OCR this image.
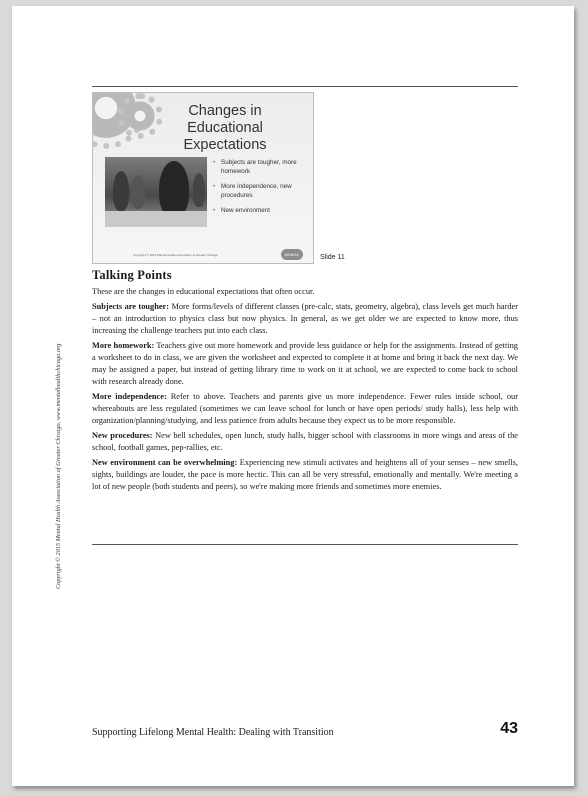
Changes in
Educational Expectations
• Subjects are tougher, more homework
• More independence, new procedures
• New environment
Copyright © 2015 Mental Health Association of Greater Chicago	MHAGC	Slide 11
Talking Points

These are the changes in educational expectations that often occur.

Subjects are tougher: More forms/levels of different classes (pre-calc, stats, geometry, algebra), class levels get much harder – not an introduction to physics class but now physics. In general, as we get older we are expected to know more, thus increasing the challenge teachers put into each class.

More homework: Teachers give out more homework and provide less guidance or help for the assignments. Instead of getting a worksheet to do in class, we are given the worksheet and expected to complete it at home and bring it back the next day. We may be assigned a paper, but instead of getting library time to work on it at school, we are expected to come back to school with research already done.

More independence: Refer to above. Teachers and parents give us more independence. Fewer rules inside school, our whereabouts are less regulated (sometimes we can leave school for lunch or have open periods/ study halls), less help with organization/planning/studying, and less patience from adults because they expect us to be more responsible.

New procedures: New bell schedules, open lunch, study halls, bigger school with classrooms in more wings and areas of the school, football games, pep-rallies, etc.

New environment can be overwhelming: Experiencing new stimuli activates and heightens all of your senses – new smells, sights, buildings are louder, the pace is more hectic. This can all be very stressful, emotionally and mentally. We're meeting a lot of new people (both students and peers), so we're making more friends and sometimes more enemies.

Copyright © 2015 Mental Health Association of Greater Chicago, www.mentalhealthchicago.org
Supporting Lifelong Mental Health: Dealing with Transition	43
